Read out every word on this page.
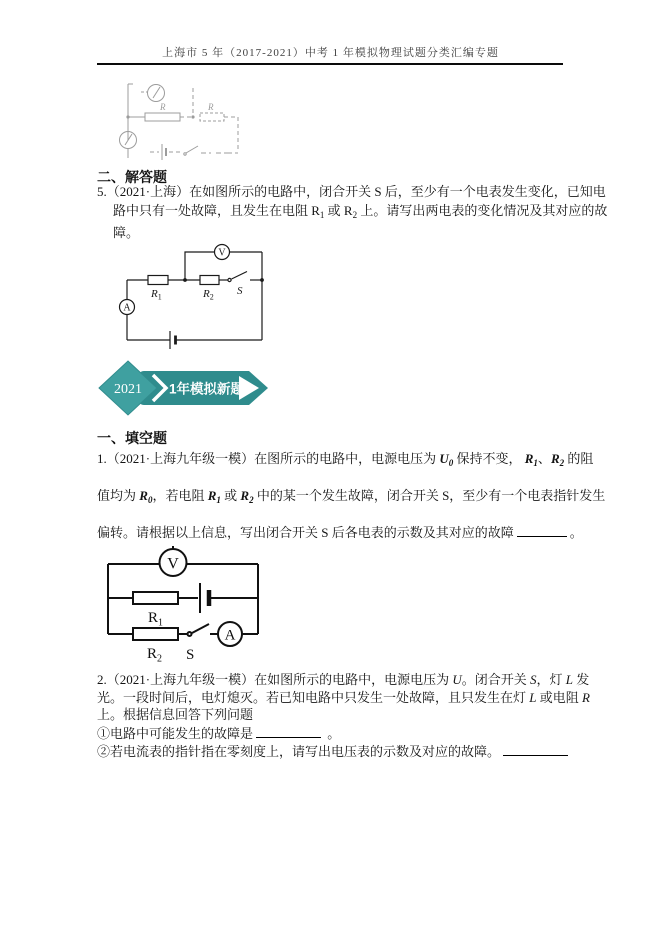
上海市 5 年（2017-2021）中考 1 年模拟物理试题分类汇编专题
R	R
二、解答题
5.（2021·上海）在如图所示的电路中，闭合开关 S 后，至少有一个电表发生变化，已知电
路中只有一处故障，且发生在电阻 $R_1$ 或 $R_2$ 上。请写出两电表的变化情况及其对应的故
障。
V
A
$R_1$	$R_2$ S
2021 1年模拟新题
一、填空题
1.（2021·上海九年级一模）在图所示的电路中，电源电压为 $U_0$ 保持不变， $R_1$、$R_2$ 的阻
值均为 $R_0$，若电阻 $R_1$ 或 $R_2$ 中的某一个发生故障，闭合开关 S，至少有一个电表指针发生
偏转。请根据以上信息，写出闭合开关 S 后各电表的示数及其对应的故障	。
V
A
$R_1$
$R_2$ S
2.（2021·上海九年级一模）在如图所示的电路中，电源电压为 U。闭合开关 S，灯 L 发
光。一段时间后，电灯熄灭。若已知电路中只发生一处故障，且只发生在灯 L 或电阻 R
上。根据信息回答下列问题
①电路中可能发生的故障是	。
②若电流表的指针指在零刻度上，请写出电压表的示数及对应的故障。
